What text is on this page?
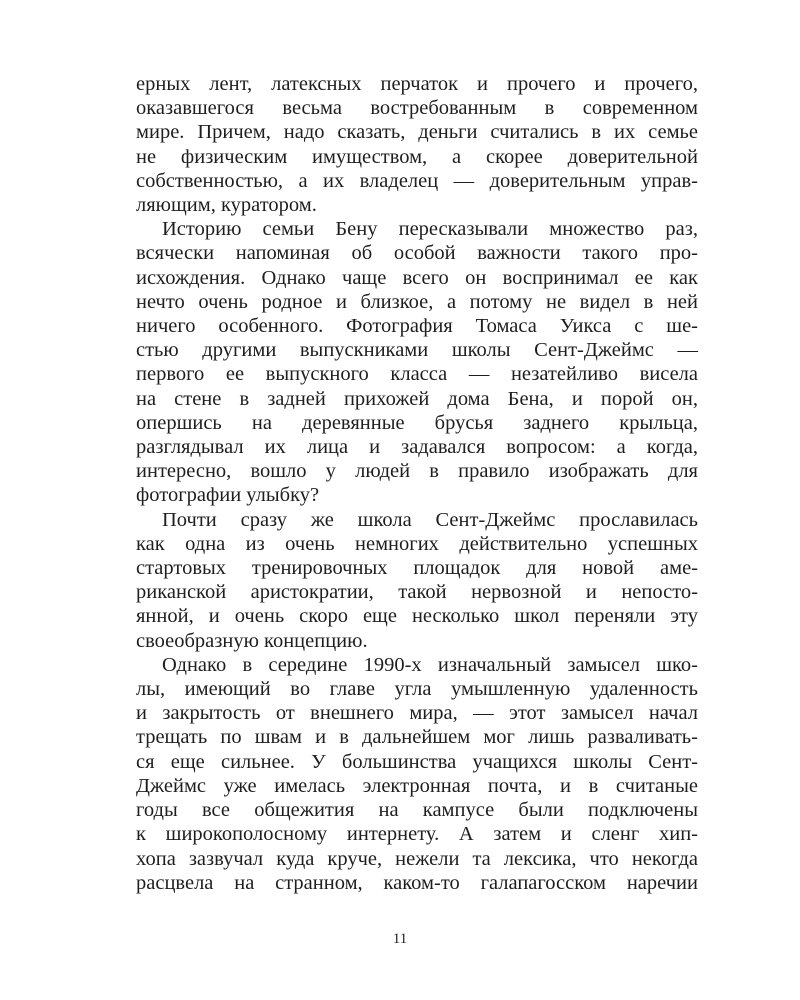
ерных лент, латексных перчаток и прочего и прочего,
оказавшегося весьма востребованным в современном
мире. Причем, надо сказать, деньги считались в их семье
не физическим имуществом, а скорее доверительной
собственностью, а их владелец — доверительным управ-
ляющим, куратором.

Историю семьи Бену пересказывали множество раз,
всячески напоминая об особой важности такого про-
исхождения. Однако чаще всего он воспринимал ее как
нечто очень родное и близкое, а потому не видел в ней
ничего особенного. Фотография Томаса Уикса с ше-
стью другими выпускниками школы Сент-Джеймс —
первого ее выпускного класса — незатейливо висела
на стене в задней прихожей дома Бена, и порой он,
опершись на деревянные брусья заднего крыльца,
разглядывал их лица и задавался вопросом: а когда,
интересно, вошло у людей в правило изображать для
фотографии улыбку?

Почти сразу же школа Сент-Джеймс прославилась
как одна из очень немногих действительно успешных
стартовых тренировочных площадок для новой аме-
риканской аристократии, такой нервозной и непосто-
янной, и очень скоро еще несколько школ переняли эту
своеобразную концепцию.

Однако в середине 1990-х изначальный замысел шко-
лы, имеющий во главе угла умышленную удаленность
и закрытость от внешнего мира, — этот замысел начал
трещать по швам и в дальнейшем мог лишь разваливать-
ся еще сильнее. У большинства учащихся школы Сент-
Джеймс уже имелась электронная почта, и в считаные
годы все общежития на кампусе были подключены
к широкополосному интернету. А затем и сленг хип-
хопа зазвучал куда круче, нежели та лексика, что некогда
расцвела на странном, каком-то галапагосском наречии

11
